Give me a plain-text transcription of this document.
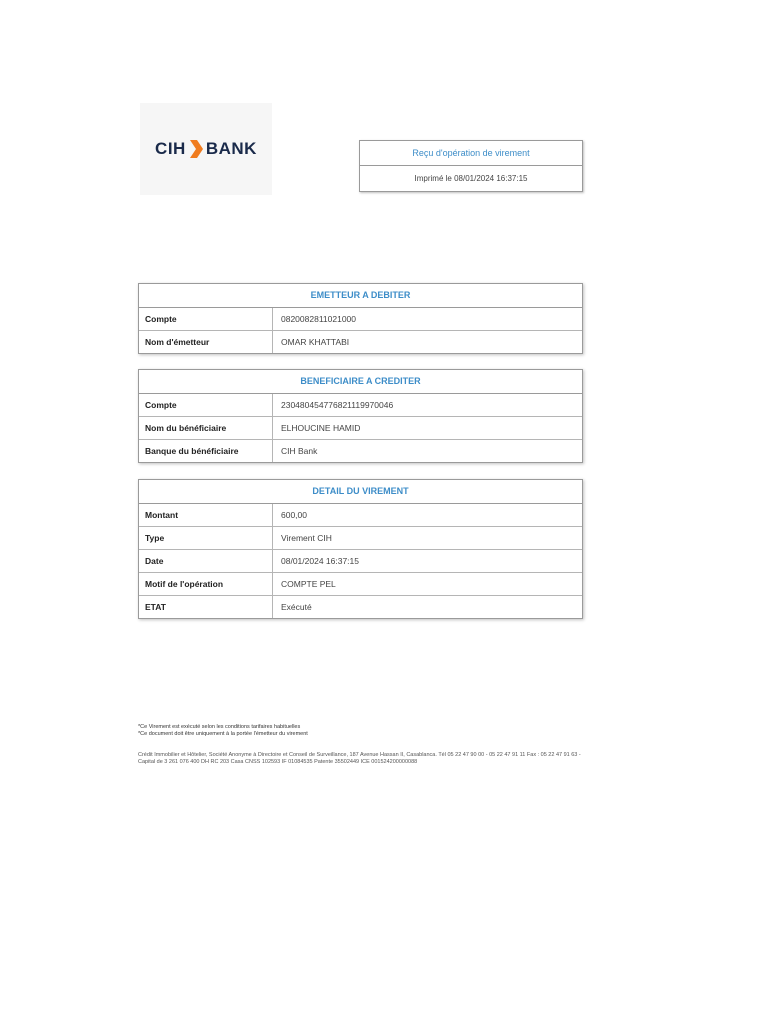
CIH BANK	Reçu d'opération de virement
Imprimé le 08/01/2024 16:37:15
EMETTEUR A DEBITER
Compte	0820082811021000
Nom d'émetteur	OMAR KHATTABI
BENEFICIAIRE A CREDITER
Compte	230480454776821119970046
Nom du bénéficiaire	ELHOUCINE HAMID
Banque du bénéficiaire	CIH Bank
DETAIL DU VIREMENT
Montant	600,00
Type	Virement CIH
Date	08/01/2024 16:37:15
Motif de l'opération	COMPTE PEL
ETAT	Exécuté
*Ce Virement est exécuté selon les conditions tarifaires habituelles
*Ce document doit être uniquement à la portée l'émetteur du virement
Crédit Immobilier et Hôtelier, Société Anonyme à Directoire et Conseil de Surveillance, 187 Avenue Hassan II, Casablanca. Tél 05 22 47 90 00 - 05 22 47 91 11 Fax : 05 22 47 91 63 - Capital de 3 261 076 400 DH RC 203 Casa CNSS 102593 IF 01084535 Patente 35502449 ICE 001524200000088
